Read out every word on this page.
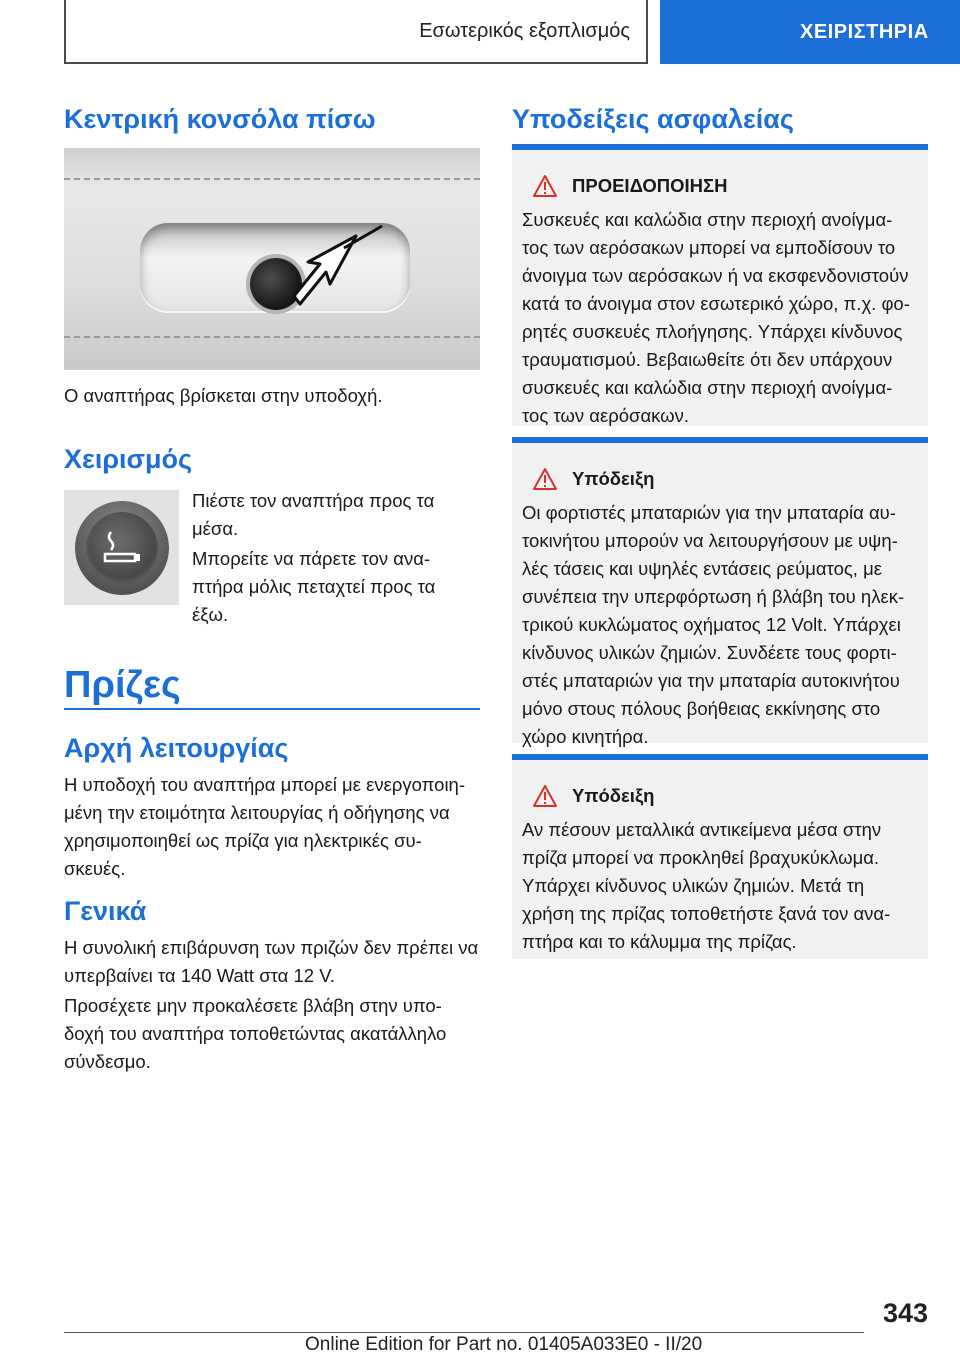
Εσωτερικός εξοπλισμός	ΧΕΙΡΙΣΤΗΡΙΑ
Κεντρική κονσόλα πίσω

Ο αναπτήρας βρίσκεται στην υποδοχή.

Χειρισμός

Πιέστε τον αναπτήρα προς τα μέσα.

Μπορείτε να πάρετε τον ανα-πτήρα μόλις πεταχτεί προς τα έξω.

Πρίζες
Αρχή λειτουργίας

Η υποδοχή του αναπτήρα μπορεί με ενεργοποιη-μένη την ετοιμότητα λειτουργίας ή οδήγησης να χρησιμοποιηθεί ως πρίζα για ηλεκτρικές συ-σκευές.

Γενικά

Η συνολική επιβάρυνση των πριζών δεν πρέπει να υπερβαίνει τα 140 Watt στα 12 V.

Προσέχετε μην προκαλέσετε βλάβη στην υπο-δοχή του αναπτήρα τοποθετώντας ακατάλληλο σύνδεσμο.

Υποδείξεις ασφαλείας
ΠΡΟΕΙΔΟΠΟΙΗΣΗ

Συσκευές και καλώδια στην περιοχή ανοίγμα-τος των αερόσακων μπορεί να εμποδίσουν το άνοιγμα των αερόσακων ή να εκσφενδονιστούν κατά το άνοιγμα στον εσωτερικό χώρο, π.χ. φο-ρητές συσκευές πλοήγησης. Υπάρχει κίνδυνος τραυματισμού. Βεβαιωθείτε ότι δεν υπάρχουν συσκευές και καλώδια στην περιοχή ανοίγμα-τος των αερόσακων.

Υπόδειξη

Οι φορτιστές μπαταριών για την μπαταρία αυ-τοκινήτου μπορούν να λειτουργήσουν με υψη-λές τάσεις και υψηλές εντάσεις ρεύματος, με συνέπεια την υπερφόρτωση ή βλάβη του ηλεκ-τρικού κυκλώματος οχήματος 12 Volt. Υπάρχει κίνδυνος υλικών ζημιών. Συνδέετε τους φορτι-στές μπαταριών για την μπαταρία αυτοκινήτου μόνο στους πόλους βοήθειας εκκίνησης στο χώρο κινητήρα.

Υπόδειξη

Αν πέσουν μεταλλικά αντικείμενα μέσα στην πρίζα μπορεί να προκληθεί βραχυκύκλωμα. Υπάρχει κίνδυνος υλικών ζημιών. Μετά τη χρήση της πρίζας τοποθετήστε ξανά τον ανα-πτήρα και το κάλυμμα της πρίζας.

343
Online Edition for Part no. 01405A033E0 - II/20
